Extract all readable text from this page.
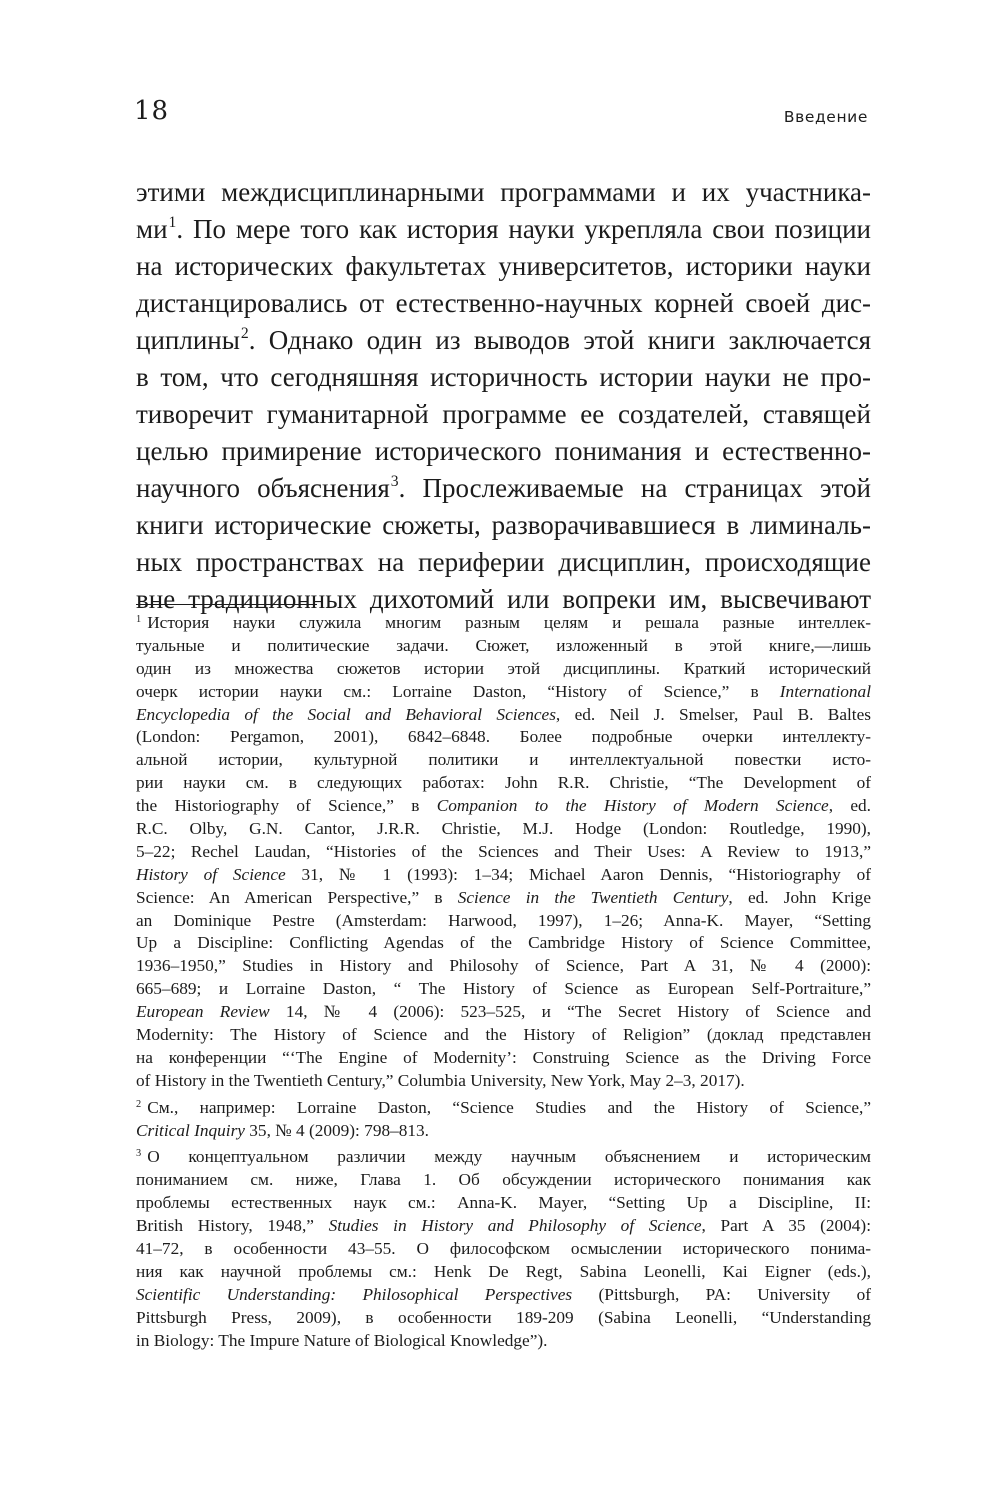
18	Введение
этими междисциплинарными программами и их участника-
$ми^1$. По мере того как история науки укрепляла свои позиции
на исторических факультетах университетов, историки науки
дистанцировались от естественно-научных корней своей дис-
циплины$^2$. Однако один из выводов этой книги заключается
в том, что сегодняшняя историчность истории науки не про-
тиворечит гуманитарной программе ее создателей, ставящей
целью примирение исторического понимания и естественно-
научного объяснения$^3$. Прослеживаемые на страницах этой
книги исторические сюжеты, разворачивавшиеся в лиминаль-
ных пространствах на периферии дисциплин, происходящие
вне традиционных дихотомий или вопреки им, высвечивают
$^1$ История науки служила многим разным целям и решала разные интеллек-
туальные и политические задачи. Сюжет, изложенный в этой книге,—лишь
один из множества сюжетов истории этой дисциплины. Краткий исторический
очерк истории науки см.: Lorraine Daston, “History of Science,” в International
Encyclopedia of the Social and Behavioral Sciences, ed. Neil J. Smelser, Paul B. Baltes
(London: Pergamon, 2001), 6842–6848. Более подробные очерки интеллекту-
альной истории, культурной политики и интеллектуальной повестки исто-
рии науки см. в следующих работах: John R.R. Christie, “The Development of
the Historiography of Science,” в Companion to the History of Modern Science, ed.
R.C. Olby, G.N. Cantor, J.R.R. Christie, M.J. Hodge (London: Routledge, 1990),
5–22; Rechel Laudan, “Histories of the Sciences and Their Uses: A Review to 1913,”
History of Science 31, № 1 (1993): 1–34; Michael Aaron Dennis, “Historiography of
Science: An American Perspective,” в Science in the Twentieth Century, ed. John Krige
an Dominique Pestre (Amsterdam: Harwood, 1997), 1–26; Anna-K. Mayer, “Setting
Up a Discipline: Conflicting Agendas of the Cambridge History of Science Committee,
1936–1950,” Studies in History and Philosohy of Science, Part A 31, № 4 (2000):
665–689; и Lorraine Daston, “ The History of Science as European Self-Portraiture,”
European Review 14, № 4 (2006): 523–525, и “The Secret History of Science and
Modernity: The History of Science and the History of Religion” (доклад представлен
на конференции “‘The Engine of Modernity’: Construing Science as the Driving Force
of History in the Twentieth Century,” Columbia University, New York, May 2–3, 2017).
$^2$ См., например: Lorraine Daston, “Science Studies and the History of Science,”
Critical Inquiry 35, № 4 (2009): 798–813.
$^3$ О концептуальном различии между научным объяснением и историческим
пониманием см. ниже, Глава 1. Об обсуждении исторического понимания как
проблемы естественных наук см.: Anna-K. Mayer, “Setting Up a Discipline, II:
British History, 1948,” Studies in History and Philosophy of Science, Part A 35 (2004):
41–72, в особенности 43–55. О философском осмыслении исторического понима-
ния как научной проблемы см.: Henk De Regt, Sabina Leonelli, Kai Eigner (eds.),
Scientific Understanding: Philosophical Perspectives (Pittsburgh, PA: University of
Pittsburgh Press, 2009), в особенности 189-209 (Sabina Leonelli, “Understanding
in Biology: The Impure Nature of Biological Knowledge”).
